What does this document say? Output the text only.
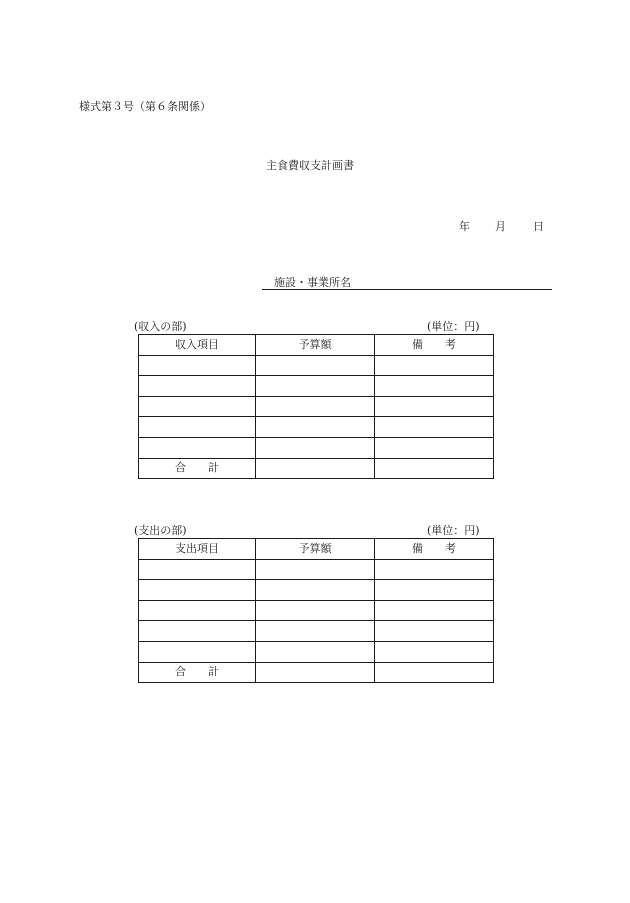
様式第３号（第６条関係）
主食費収支計画書
年 月 日
施設・事業所名
(収入の部)	(単位：円)
収入項目	予算額	備　　考

合　　計		
(支出の部)	(単位：円)
支出項目	予算額	備　　考

合　　計		
